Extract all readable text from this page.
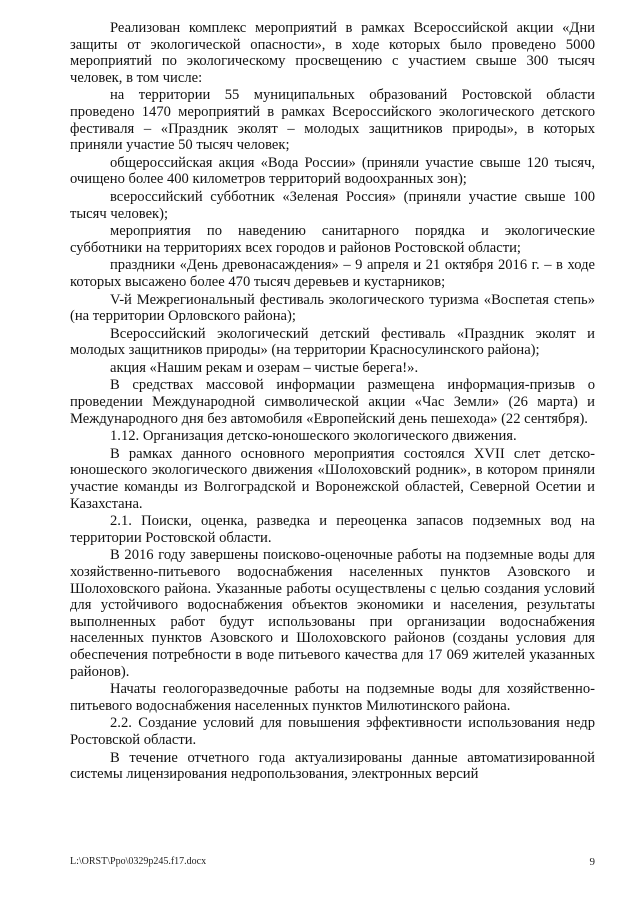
Реализован комплекс мероприятий в рамках Всероссийской акции «Дни защиты от экологической опасности», в ходе которых было проведено 5000 мероприятий по экологическому просвещению с участием свыше 300 тысяч человек, в том числе:

на территории 55 муниципальных образований Ростовской области проведено 1470 мероприятий в рамках Всероссийского экологического детского фестиваля – «Праздник эколят – молодых защитников природы», в которых приняли участие 50 тысяч человек;

общероссийская акция «Вода России» (приняли участие свыше 120 тысяч, очищено более 400 километров территорий водоохранных зон);

всероссийский субботник «Зеленая Россия» (приняли участие свыше 100 тысяч человек);

мероприятия по наведению санитарного порядка и экологические субботники на территориях всех городов и районов Ростовской области;

праздники «День древонасаждения» – 9 апреля и 21 октября 2016 г. – в ходе которых высажено более 470 тысяч деревьев и кустарников;

V-й Межрегиональный фестиваль экологического туризма «Воспетая степь» (на территории Орловского района);

Всероссийский экологический детский фестиваль «Праздник эколят и молодых защитников природы» (на территории Красносулинского района);

акция «Нашим рекам и озерам – чистые берега!».

В средствах массовой информации размещена информация-призыв о проведении Международной символической акции «Час Земли» (26 марта) и Международного дня без автомобиля «Европейский день пешехода» (22 сентября).

1.12. Организация детско-юношеского экологического движения.

В рамках данного основного мероприятия состоялся XVII слет детско-юношеского экологического движения «Шолоховский родник», в котором приняли участие команды из Волгоградской и Воронежской областей, Северной Осетии и Казахстана.

2.1. Поиски, оценка, разведка и переоценка запасов подземных вод на территории Ростовской области.

В 2016 году завершены поисково-оценочные работы на подземные воды для хозяйственно-питьевого водоснабжения населенных пунктов Азовского и Шолоховского района. Указанные работы осуществлены с целью создания условий для устойчивого водоснабжения объектов экономики и населения, результаты выполненных работ будут использованы при организации водоснабжения населенных пунктов Азовского и Шолоховского районов (созданы условия для обеспечения потребности в воде питьевого качества для 17 069 жителей указанных районов).

Начаты геологоразведочные работы на подземные воды для хозяйственно-питьевого водоснабжения населенных пунктов Милютинского района.

2.2. Создание условий для повышения эффективности использования недр Ростовской области.

В течение отчетного года актуализированы данные автоматизированной системы лицензирования недропользования, электронных версий

L:\ORST\Ppo\0329p245.f17.docx	9
